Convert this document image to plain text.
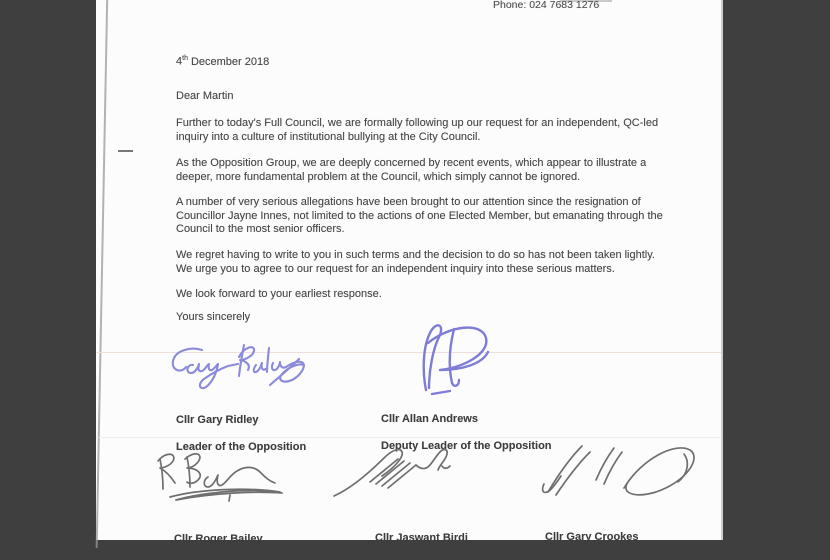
Phone: 024 7683 1276
4th December 2018
Dear Martin
Further to today's Full Council, we are formally following up our request for an independent, QC-led inquiry into a culture of institutional bullying at the City Council.
As the Opposition Group, we are deeply concerned by recent events, which appear to illustrate a deeper, more fundamental problem at the Council, which simply cannot be ignored.
A number of very serious allegations have been brought to our attention since the resignation of Councillor Jayne Innes, not limited to the actions of one Elected Member, but emanating through the Council to the most senior officers.
We regret having to write to you in such terms and the decision to do so has not been taken lightly. We urge you to agree to our request for an independent inquiry into these serious matters.
We look forward to your earliest response.
Yours sincerely

Cllr Gary Ridley

Leader of the Opposition

Cllr Allan Andrews

Deputy Leader of the Opposition

Cllr Roger Bailey	Cllr Jaswant Birdi	Cllr Gary Crookes
